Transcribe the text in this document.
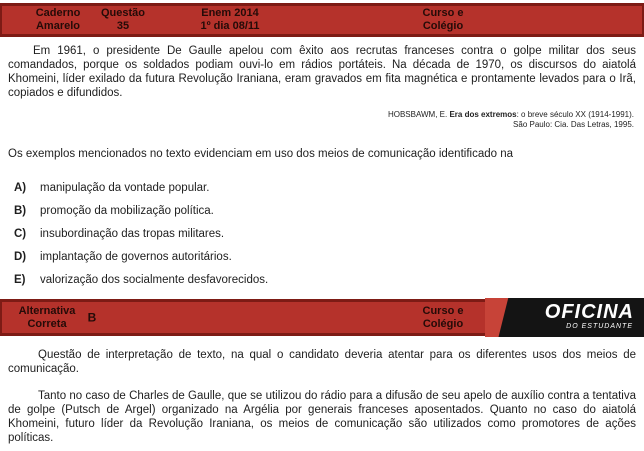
Caderno
Amarelo
Questão
35
Enem 2014
1º dia 08/11
Curso e
Colégio

Em 1961, o presidente De Gaulle apelou com êxito aos recrutas franceses contra o golpe militar dos seus comandados, porque os soldados podiam ouvi-lo em rádios portáteis. Na década de 1970, os discursos do aiatolá Khomeini, líder exilado da futura Revolução Iraniana, eram gravados em fita magnética e prontamente levados para o Irã, copiados e difundidos.

HOBSBAWM, E. Era dos extremos: o breve século XX (1914-1991).
São Paulo: Cia. Das Letras, 1995.

Os exemplos mencionados no texto evidenciam em uso dos meios de comunicação identificado na

A)	manipulação da vontade popular.
B)	promoção da mobilização política.
C)	insubordinação das tropas militares.
D)	implantação de governos autoritários.
E)	valorização dos socialmente desfavorecidos.
Alternativa
Correta	B	Curso e
Colégio
OFICINA
DO ESTUDANTE

Questão de interpretação de texto, na qual o candidato deveria atentar para os diferentes usos dos meios de comunicação.

Tanto no caso de Charles de Gaulle, que se utilizou do rádio para a difusão de seu apelo de auxílio contra a tentativa de golpe (Putsch de Argel) organizado na Argélia por generais franceses aposentados. Quanto no caso do aiatolá Khomeini, futuro líder da Revolução Iraniana, os meios de comunicação são utilizados como promotores de ações políticas.
